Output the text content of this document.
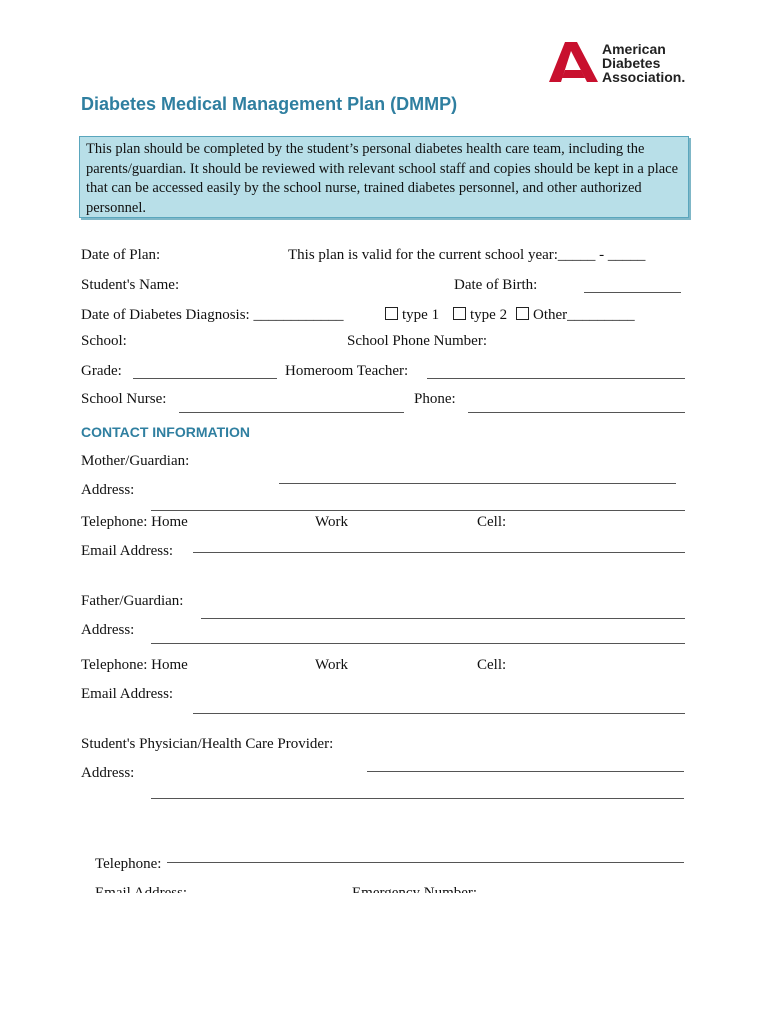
American
Diabetes
Association.
Diabetes Medical Management Plan (DMMP)
This plan should be completed by the student’s personal diabetes health care team, including the parents/guardian. It should be reviewed with relevant school staff and copies should be kept in a place that can be accessed easily by the school nurse, trained diabetes personnel, and other authorized personnel.
Date of Plan:	This plan is valid for the current school year:_____ - _____
Student's Name:	Date of Birth:
Date of Diabetes Diagnosis: ____________	type 1	type 2	Other_________
School:	School Phone Number:
Grade:	Homeroom Teacher:
School Nurse:	Phone:
CONTACT INFORMATION
Mother/Guardian:
Address:
Telephone: Home	Work	Cell:
Email Address:
Father/Guardian:
Address:
Telephone: Home	Work	Cell:
Email Address:
Student's Physician/Health Care Provider:
Address:
Telephone:
